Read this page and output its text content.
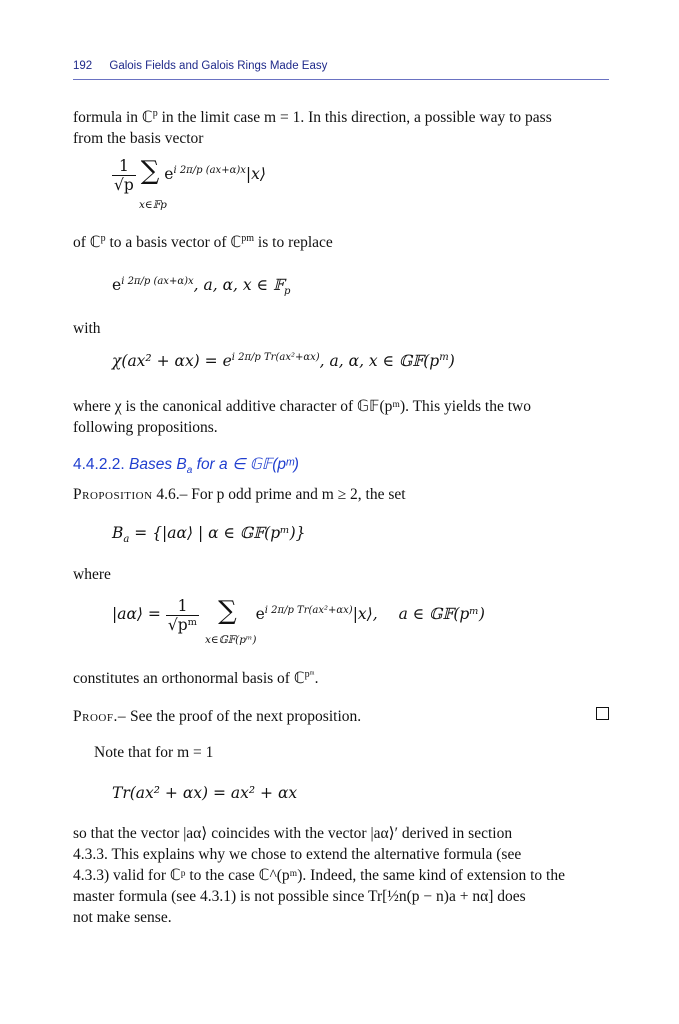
192 Galois Fields and Galois Rings Made Easy
formula in ℂ$^p$ in the limit case m = 1. In this direction, a possible way to pass
from the basis vector
$\frac{1}{√p}$ ∑ $e^{i 2\pi/p (ax+\alpha)x}|x⟩$
x∈𝔽p
of ℂ$^p$ to a basis vector of ℂ$^{pm}$ is to replace
$e^{i 2\pi/p (ax+\alpha)x}$, a, α, x ∈ 𝔽$_p$
with
$\chi(ax^2 + \alpha x) = e^{i 2\pi/p Tr(ax^2+\alpha x)}$, a, α, x ∈ $𝔾𝔽(p^m)$
where χ is the canonical additive character of 𝔾𝔽(pᵐ). This yields the two
following propositions.
4.4.2.2. Bases $B_a$ for a ∈ 𝔾𝔽(pᵐ)
Proposition 4.6.– For p odd prime and m ≥ 2, the set
$B_a$ = {|aα⟩ | α ∈ 𝔾𝔽(pᵐ)}
where
|aα⟩ = $\frac{1}{\text{√pᵐ}}$ ∑ $e^{i 2\pi/p Tr(ax^2+\alpha x)}|x⟩$, a ∈ 𝔾𝔽(pᵐ)
x∈𝔾𝔽(pᵐ)
constitutes an orthonormal basis of ℂ$^{pᵐ}$.
Proof.– See the proof of the next proposition.
Note that for m = 1
Tr(ax² + αx) = ax² + αx
so that the vector |aα⟩ coincides with the vector |aα⟩′ derived in section
4.3.3. This explains why we chose to extend the alternative formula (see
4.3.3) valid for ℂᵖ to the case ℂ^(pᵐ). Indeed, the same kind of extension to the
master formula (see 4.3.1) is not possible since Tr[½n(p − n)a + nα] does
not make sense.
